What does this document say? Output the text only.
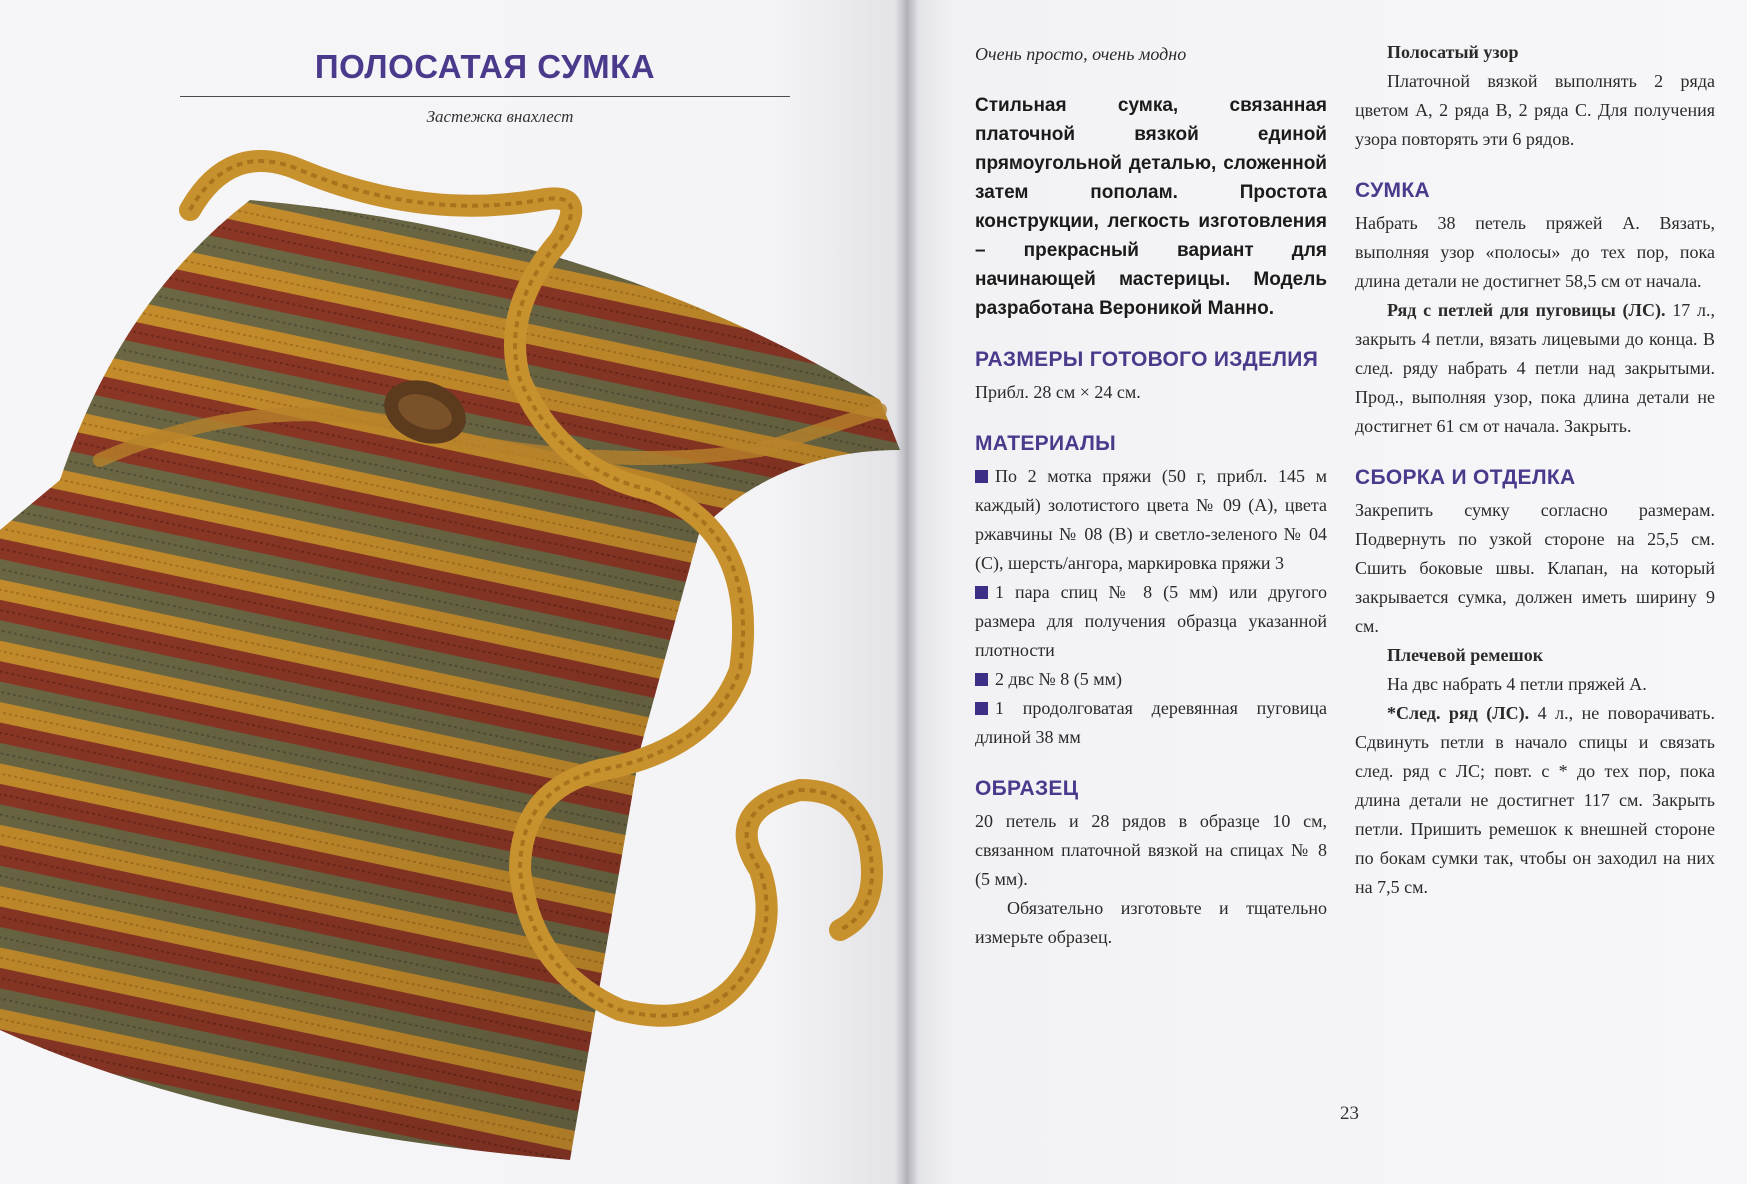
ПОЛОСАТАЯ СУМКА
Застежка внахлест
Очень просто, очень модно

Стильная сумка, связанная платочной вязкой единой прямоугольной деталью, сложенной затем пополам. Простота конструкции, легкость изготовления – прекрасный вариант для начинающей мастерицы. Модель разработана Вероникой Манно.

РАЗМЕРЫ ГОТОВОГО ИЗДЕЛИЯ

Прибл. 28 см × 24 см.

МАТЕРИАЛЫ

По 2 мотка пряжи (50 г, прибл. 145 м каждый) золотистого цвета № 09 (А), цвета ржавчины № 08 (В) и светло-зеленого № 04 (С), шерсть/ангора, маркировка пряжи 3

1 пара спиц № 8 (5 мм) или другого размера для получения образца указанной плотности

2 двс № 8 (5 мм)

1 продолговатая деревянная пуговица длиной 38 мм

ОБРАЗЕЦ

20 петель и 28 рядов в образце 10 см, связанном платочной вязкой на спицах № 8 (5 мм).

Обязательно изготовьте и тщательно измерьте образец.

Полосатый узор

Платочной вязкой выполнять 2 ряда цветом А, 2 ряда В, 2 ряда С. Для получения узора повторять эти 6 рядов.

СУМКА

Набрать 38 петель пряжей А. Вязать, выполняя узор «полосы» до тех пор, пока длина детали не достигнет 58,5 см от начала.

Ряд с петлей для пуговицы (ЛС). 17 л., закрыть 4 петли, вязать лицевыми до конца. В след. ряду набрать 4 петли над закрытыми. Прод., выполняя узор, пока длина детали не достигнет 61 см от начала. Закрыть.

СБОРКА И ОТДЕЛКА

Закрепить сумку согласно размерам. Подвернуть по узкой стороне на 25,5 см. Сшить боковые швы. Клапан, на который закрывается сумка, должен иметь ширину 9 см.

Плечевой ремешок

На двс набрать 4 петли пряжей А.

*След. ряд (ЛС). 4 л., не поворачивать. Сдвинуть петли в начало спицы и связать след. ряд с ЛС; повт. с * до тех пор, пока длина детали не достигнет 117 см. Закрыть петли. Пришить ремешок к внешней стороне по бокам сумки так, чтобы он заходил на них на 7,5 см.

23
